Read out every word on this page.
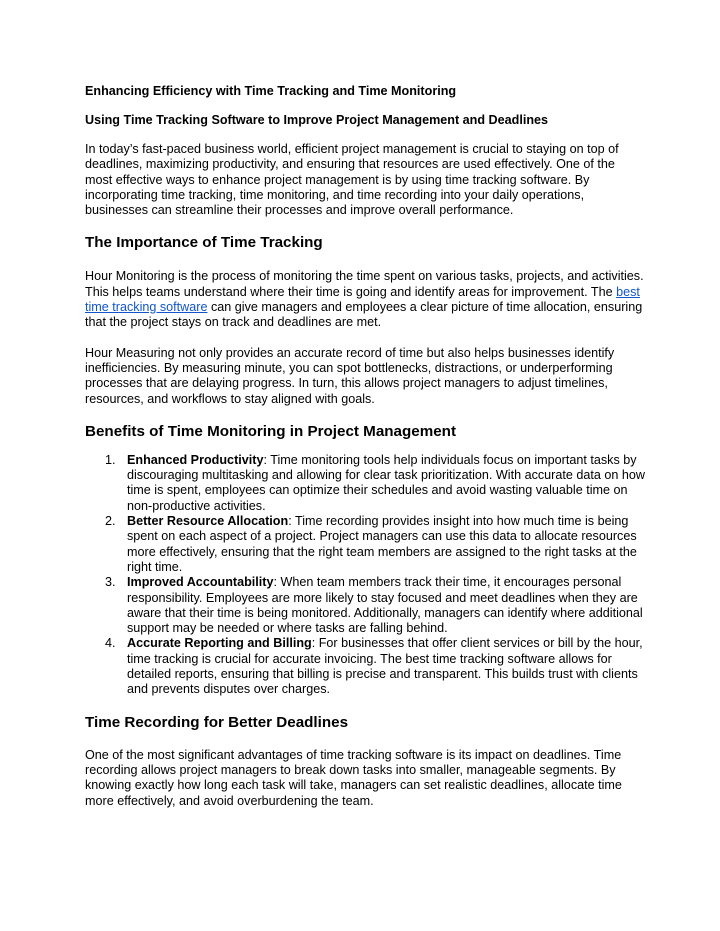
Enhancing Efficiency with Time Tracking and Time Monitoring
Using Time Tracking Software to Improve Project Management and Deadlines

In today’s fast-paced business world, efficient project management is crucial to staying on top of deadlines, maximizing productivity, and ensuring that resources are used effectively. One of the most effective ways to enhance project management is by using time tracking software. By incorporating time tracking, time monitoring, and time recording into your daily operations, businesses can streamline their processes and improve overall performance.

The Importance of Time Tracking

Hour Monitoring is the process of monitoring the time spent on various tasks, projects, and activities. This helps teams understand where their time is going and identify areas for improvement. The best time tracking software can give managers and employees a clear picture of time allocation, ensuring that the project stays on track and deadlines are met.

Hour Measuring not only provides an accurate record of time but also helps businesses identify inefficiencies. By measuring minute, you can spot bottlenecks, distractions, or underperforming processes that are delaying progress. In turn, this allows project managers to adjust timelines, resources, and workflows to stay aligned with goals.

Benefits of Time Monitoring in Project Management
1. Enhanced Productivity: Time monitoring tools help individuals focus on important tasks by discouraging multitasking and allowing for clear task prioritization. With accurate data on how time is spent, employees can optimize their schedules and avoid wasting valuable time on non-productive activities.
2. Better Resource Allocation: Time recording provides insight into how much time is being spent on each aspect of a project. Project managers can use this data to allocate resources more effectively, ensuring that the right team members are assigned to the right tasks at the right time.
3. Improved Accountability: When team members track their time, it encourages personal responsibility. Employees are more likely to stay focused and meet deadlines when they are aware that their time is being monitored. Additionally, managers can identify where additional support may be needed or where tasks are falling behind.
4. Accurate Reporting and Billing: For businesses that offer client services or bill by the hour, time tracking is crucial for accurate invoicing. The best time tracking software allows for detailed reports, ensuring that billing is precise and transparent. This builds trust with clients and prevents disputes over charges.
Time Recording for Better Deadlines

One of the most significant advantages of time tracking software is its impact on deadlines. Time recording allows project managers to break down tasks into smaller, manageable segments. By knowing exactly how long each task will take, managers can set realistic deadlines, allocate time more effectively, and avoid overburdening the team.
